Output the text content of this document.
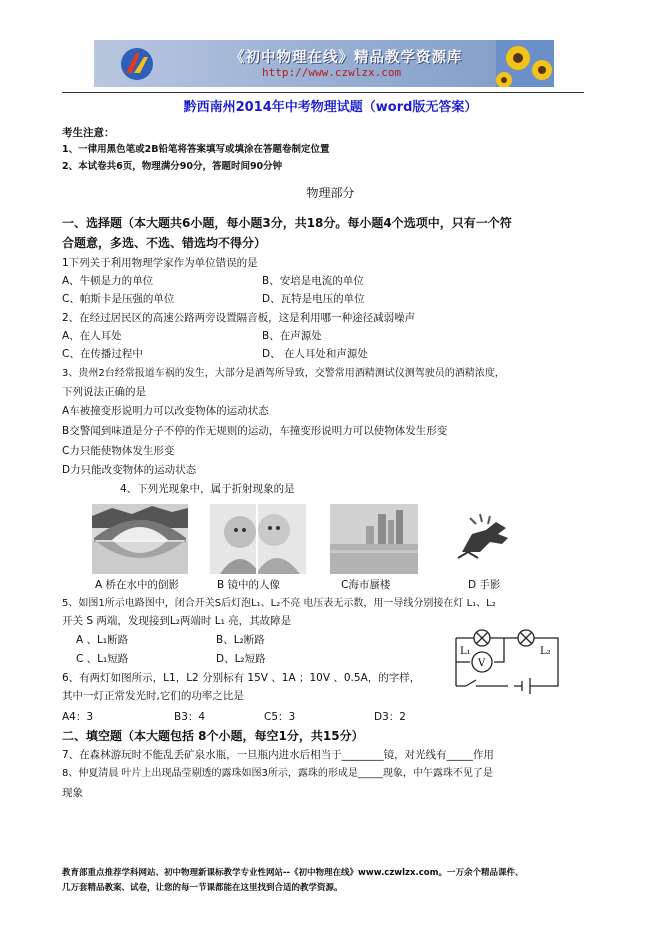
《初中物理在线》精品教学资源库
http://www.czwlzx.com
黔西南州2014年中考物理试题（word版无答案）
考生注意：
1、一律用黑色笔或2B铅笔将答案填写或填涂在答题卷制定位置
2、本试卷共6页，物理满分90分，答题时间90分钟
物理部分
一、选择题（本大题共6小题，每小题3分，共18分。每小题4个选项中，只有一个符
合题意，多选、不选、错选均不得分）
1下列关于利用物理学家作为单位错误的是
A、牛顿是力的单位	B、安培是电流的单位
C、帕斯卡是压强的单位	D、瓦特是电压的单位
2、在经过居民区的高速公路两旁设置隔音板，这是利用哪一种途径减弱噪声
A、在人耳处	B、在声源处
C、在传播过程中	D、 在人耳处和声源处
3、贵州2台经常报道车祸的发生，大部分是酒驾所导致，交警常用酒精测试仪测驾驶员的酒精浓度，
下列说法正确的是
A车被撞变形说明力可以改变物体的运动状态
B交警闻到味道是分子不停的作无规则的运动，车撞变形说明力可以使物体发生形变
C力只能使物体发生形变
D力只能改变物体的运动状态
4、下列光现象中，属于折射现象的是
A 桥在水中的倒影	B 镜中的人像	C海市蜃楼	D 手影
5、如图1所示电路图中，闭合开关S后灯泡L₁、L₂不亮 电压表无示数，用一导线分别接在灯 L₁、L₂
开关 S 两端，发现接到L₂两端时 L₁ 亮，其故障是
A 、L₁断路	B、L₂断路
C 、L₁短路	D、L₂短路
L₁	L₂
V
6、有两灯如图所示，L1，L2 分别标有 15V 、1A ；10V 、0.5A，的字样，
其中一灯正常发光时,它们的功率之比是
A4：3	B3：4	C5：3	D3：2
二、填空题（本大题包括 8个小题，每空1分，共15分）
7、在森林游玩时不能乱丢矿泉水瓶，一旦瓶内进水后相当于________镜，对光线有_____作用
8、仲夏清晨 叶片上出现晶莹剔透的露珠如图3所示，露珠的形成是_____现象，中午露珠不见了是
现象
教育部重点推荐学科网站、初中物理新课标教学专业性网站--《初中物理在线》www.czwlzx.com。一万余个精品课件、
几万套精品教案、试卷，让您的每一节课都能在这里找到合适的教学资源。
